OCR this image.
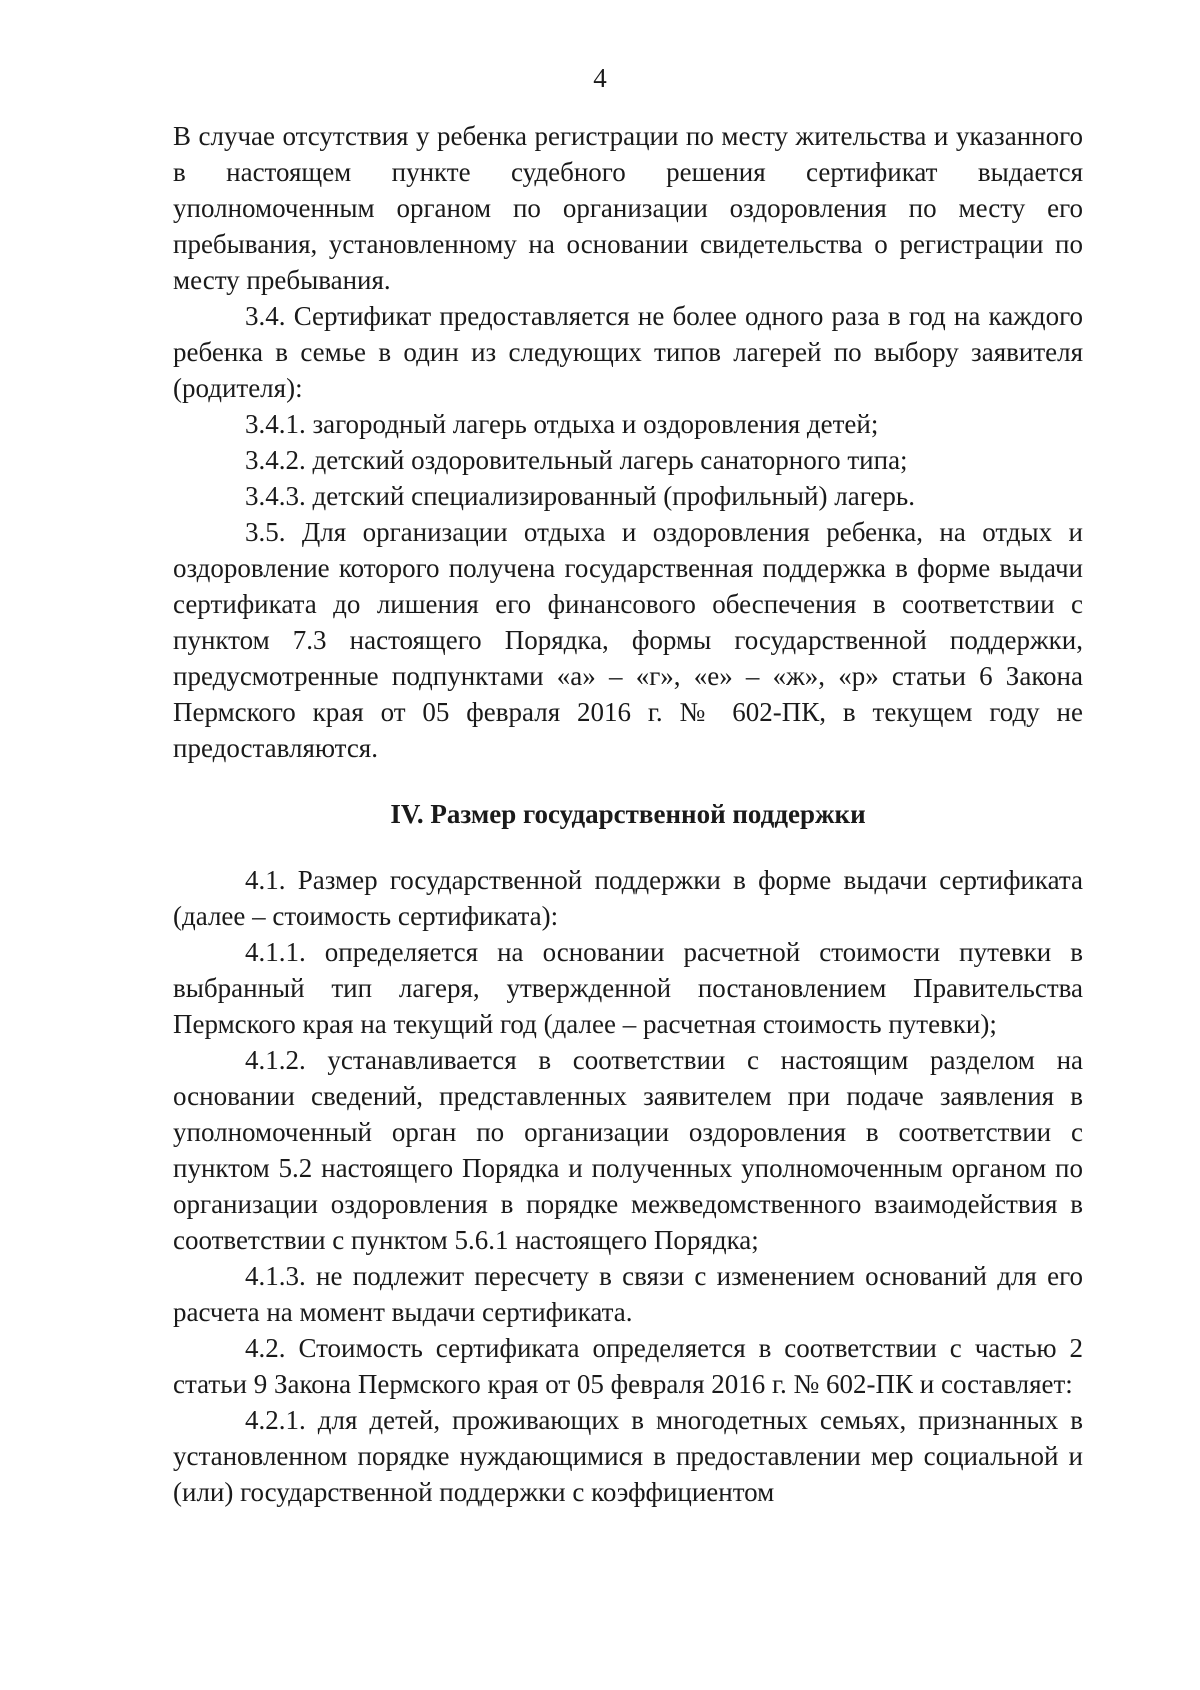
4

В случае отсутствия у ребенка регистрации по месту жительства и указанного в настоящем пункте судебного решения сертификат выдается уполномоченным органом по организации оздоровления по месту его пребывания, установленному на основании свидетельства о регистрации по месту пребывания.

3.4. Сертификат предоставляется не более одного раза в год на каждого ребенка в семье в один из следующих типов лагерей по выбору заявителя (родителя):

3.4.1. загородный лагерь отдыха и оздоровления детей;

3.4.2. детский оздоровительный лагерь санаторного типа;

3.4.3. детский специализированный (профильный) лагерь.

3.5. Для организации отдыха и оздоровления ребенка, на отдых и оздоровление которого получена государственная поддержка в форме выдачи сертификата до лишения его финансового обеспечения в соответствии с пунктом 7.3 настоящего Порядка, формы государственной поддержки, предусмотренные подпунктами «а» – «г», «е» – «ж», «р» статьи 6 Закона Пермского края от 05 февраля 2016 г. № 602-ПК, в текущем году не предоставляются.

IV. Размер государственной поддержки

4.1. Размер государственной поддержки в форме выдачи сертификата (далее – стоимость сертификата):

4.1.1. определяется на основании расчетной стоимости путевки в выбранный тип лагеря, утвержденной постановлением Правительства Пермского края на текущий год (далее – расчетная стоимость путевки);

4.1.2. устанавливается в соответствии с настоящим разделом на основании сведений, представленных заявителем при подаче заявления в уполномоченный орган по организации оздоровления в соответствии с пунктом 5.2 настоящего Порядка и полученных уполномоченным органом по организации оздоровления в порядке межведомственного взаимодействия в соответствии с пунктом 5.6.1 настоящего Порядка;

4.1.3. не подлежит пересчету в связи с изменением оснований для его расчета на момент выдачи сертификата.

4.2. Стоимость сертификата определяется в соответствии с частью 2 статьи 9 Закона Пермского края от 05 февраля 2016 г. № 602-ПК и составляет:

4.2.1. для детей, проживающих в многодетных семьях, признанных в установленном порядке нуждающимися в предоставлении мер социальной и (или) государственной поддержки с коэффициентом
